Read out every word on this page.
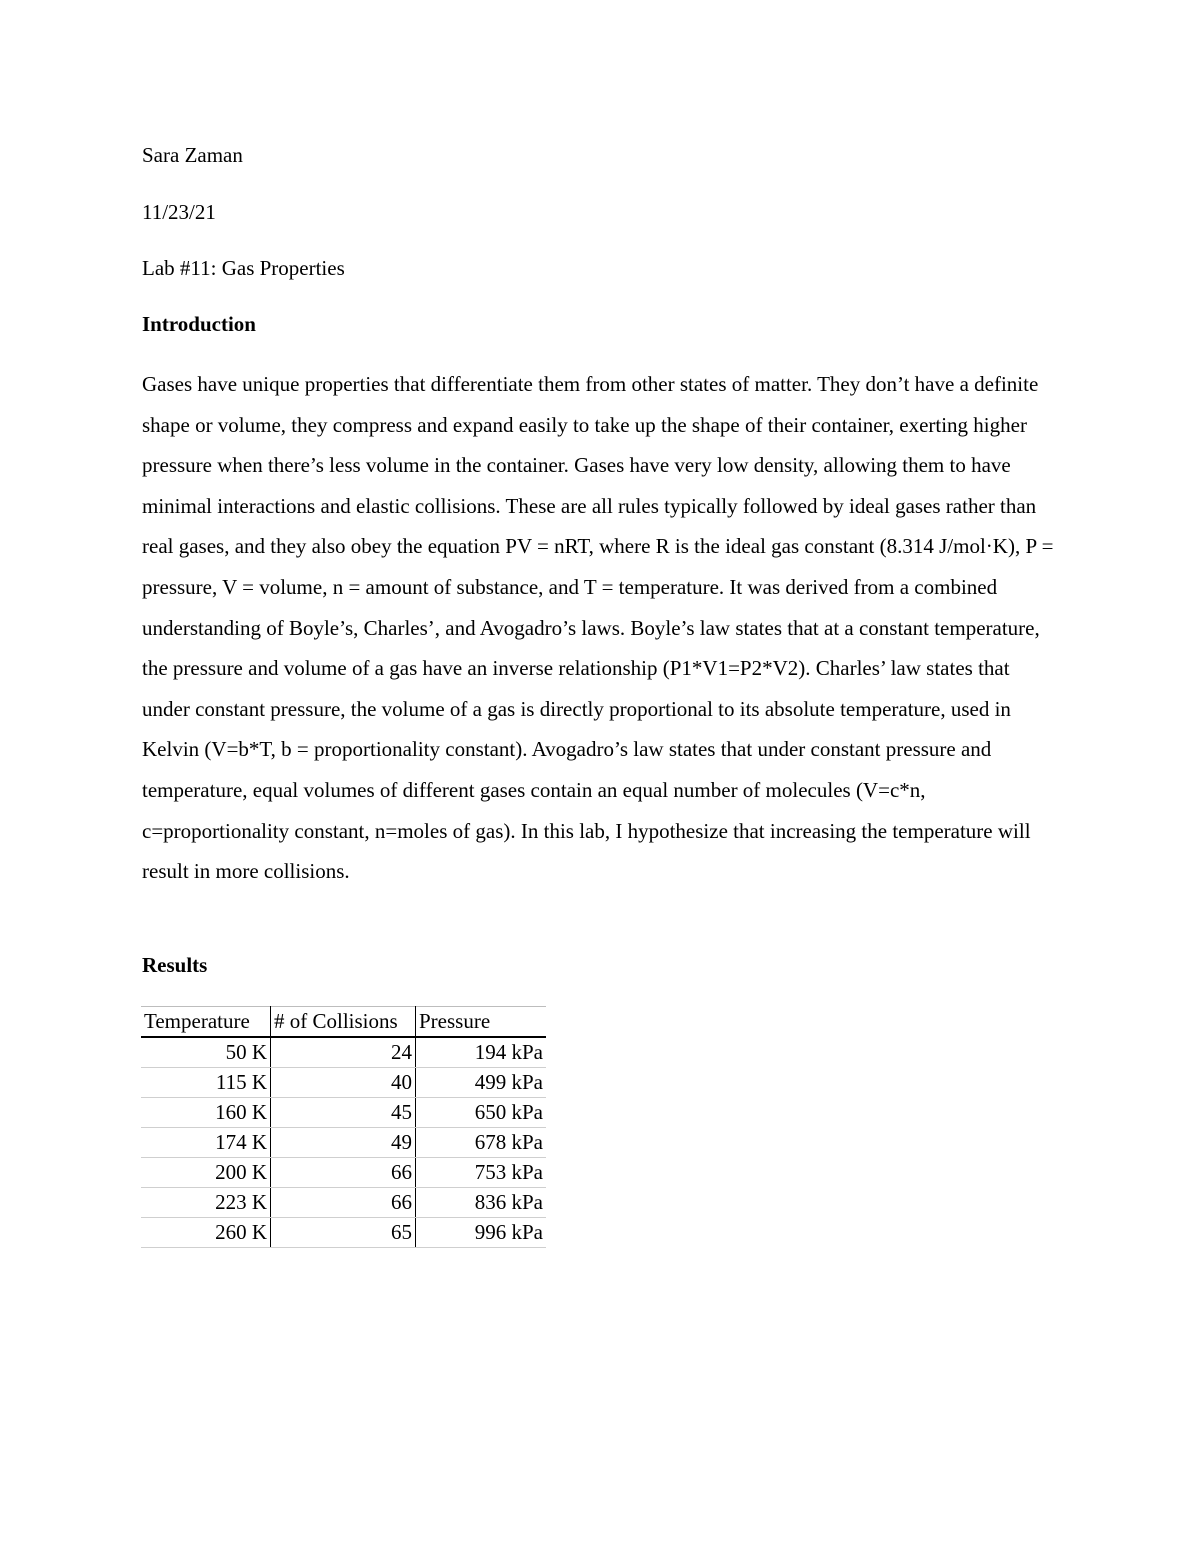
Sara Zaman
11/23/21
Lab #11: Gas Properties
Introduction
Gases have unique properties that differentiate them from other states of matter. They don’t have a definite shape or volume, they compress and expand easily to take up the shape of their container, exerting higher pressure when there’s less volume in the container. Gases have very low density, allowing them to have minimal interactions and elastic collisions. These are all rules typically followed by ideal gases rather than real gases, and they also obey the equation PV = nRT, where R is the ideal gas constant (8.314 J/mol·K), P = pressure, V = volume, n = amount of substance, and T = temperature. It was derived from a combined understanding of Boyle’s, Charles’, and Avogadro’s laws. Boyle’s law states that at a constant temperature, the pressure and volume of a gas have an inverse relationship (P1*V1=P2*V2). Charles’ law states that under constant pressure, the volume of a gas is directly proportional to its absolute temperature, used in Kelvin (V=b*T, b = proportionality constant). Avogadro’s law states that under constant pressure and temperature, equal volumes of different gases contain an equal number of molecules (V=c*n, c=proportionality constant, n=moles of gas). In this lab, I hypothesize that increasing the temperature will result in more collisions.
Results
Temperature	# of Collisions	Pressure
50 K	24	194 kPa
115 K	40	499 kPa
160 K	45	650 kPa
174 K	49	678 kPa
200 K	66	753 kPa
223 K	66	836 kPa
260 K	65	996 kPa
